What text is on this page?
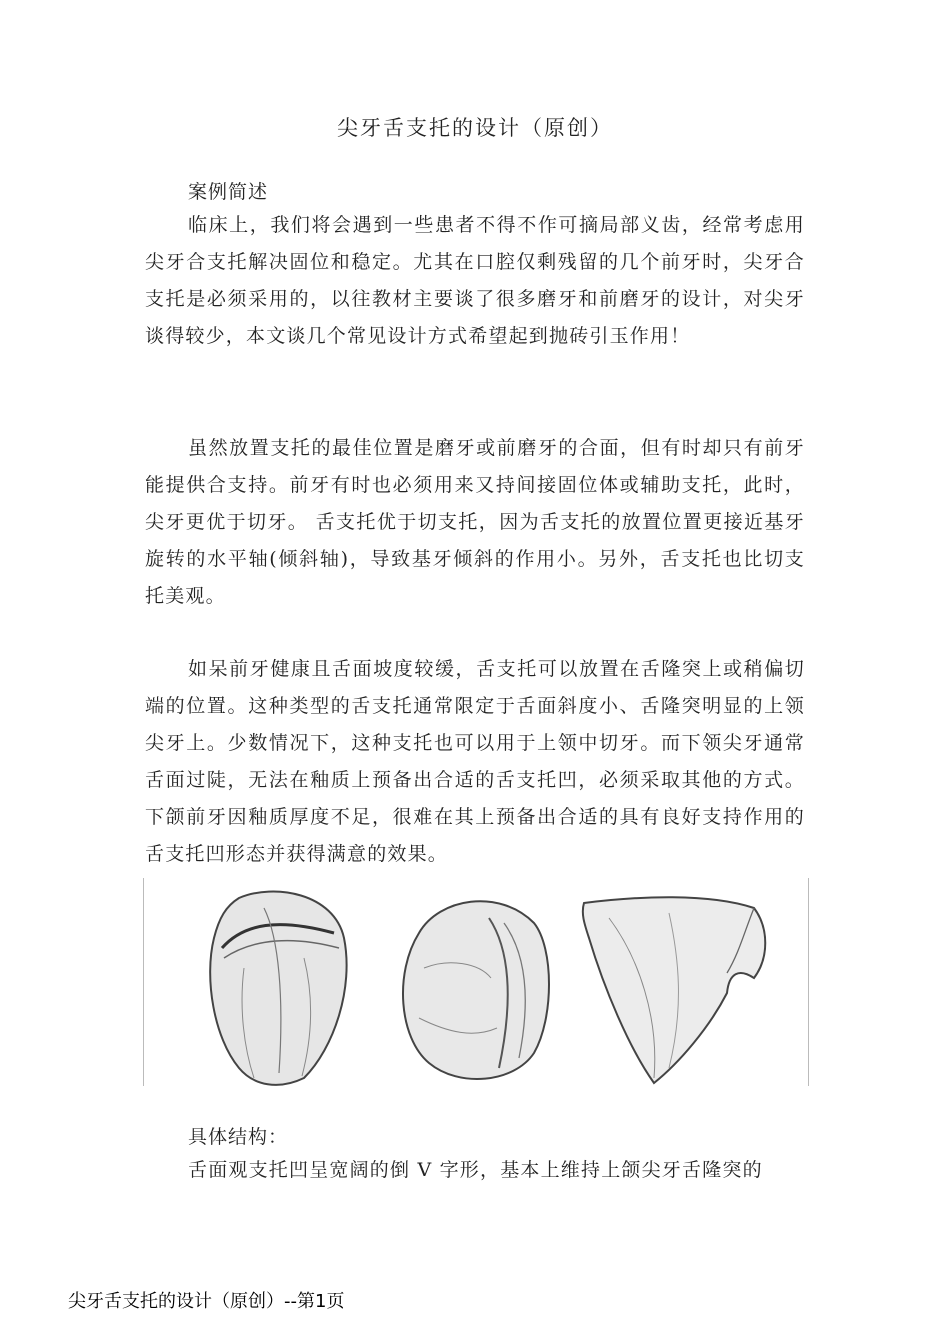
尖牙舌支托的设计（原创）
案例简述

临床上，我们将会遇到一些患者不得不作可摘局部义齿，经常考虑用尖牙合支托解决固位和稳定。尤其在口腔仅剩残留的几个前牙时，尖牙合支托是必须采用的，以往教材主要谈了很多磨牙和前磨牙的设计，对尖牙谈得较少，本文谈几个常见设计方式希望起到抛砖引玉作用！

虽然放置支托的最佳位置是磨牙或前磨牙的合面，但有时却只有前牙能提供合支持。前牙有时也必须用来又持间接固位体或辅助支托，此时，尖牙更优于切牙。 舌支托优于切支托，因为舌支托的放置位置更接近基牙旋转的水平轴(倾斜轴)，导致基牙倾斜的作用小。另外，舌支托也比切支托美观。

如呆前牙健康且舌面坡度较缓，舌支托可以放置在舌隆突上或稍偏切端的位置。这种类型的舌支托通常限定于舌面斜度小、舌隆突明显的上领尖牙上。少数情况下，这种支托也可以用于上领中切牙。而下领尖牙通常舌面过陡，无法在釉质上预备出合适的舌支托凹，必须采取其他的方式。下颌前牙因釉质厚度不足，很难在其上预备出合适的具有良好支持作用的舌支托凹形态并获得满意的效果。

具体结构：

舌面观支托凹呈宽阔的倒 V 字形，基本上维持上颌尖牙舌隆突的

尖牙舌支托的设计（原创）--第1页
